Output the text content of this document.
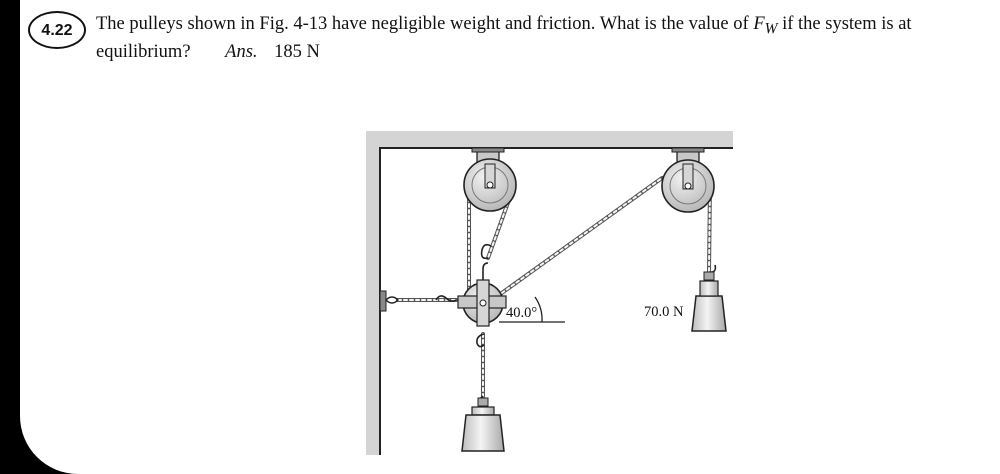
4.22	The pulleys shown in Fig. 4-13 have negligible weight and friction. What is the value of $F_W$ if the system is at
equilibrium? Ans. 185 N
40.0°	70.0 N
